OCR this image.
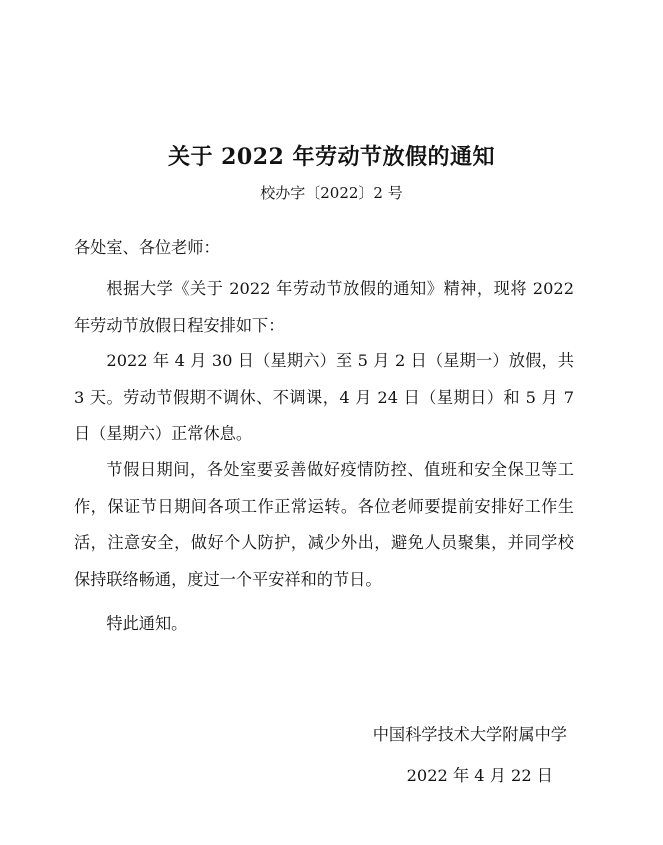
关于 2022 年劳动节放假的通知
校办字〔2022〕2 号
各处室、各位老师：

根据大学《关于 2022 年劳动节放假的通知》精神，现将 2022 年劳动节放假日程安排如下：

2022 年 4 月 30 日（星期六）至 5 月 2 日（星期一）放假，共 3 天。劳动节假期不调休、不调课，4 月 24 日（星期日）和 5 月 7 日（星期六）正常休息。

节假日期间，各处室要妥善做好疫情防控、值班和安全保卫等工作，保证节日期间各项工作正常运转。各位老师要提前安排好工作生活，注意安全，做好个人防护，减少外出，避免人员聚集，并同学校保持联络畅通，度过一个平安祥和的节日。

特此通知。

中国科学技术大学附属中学
2022 年 4 月 22 日
